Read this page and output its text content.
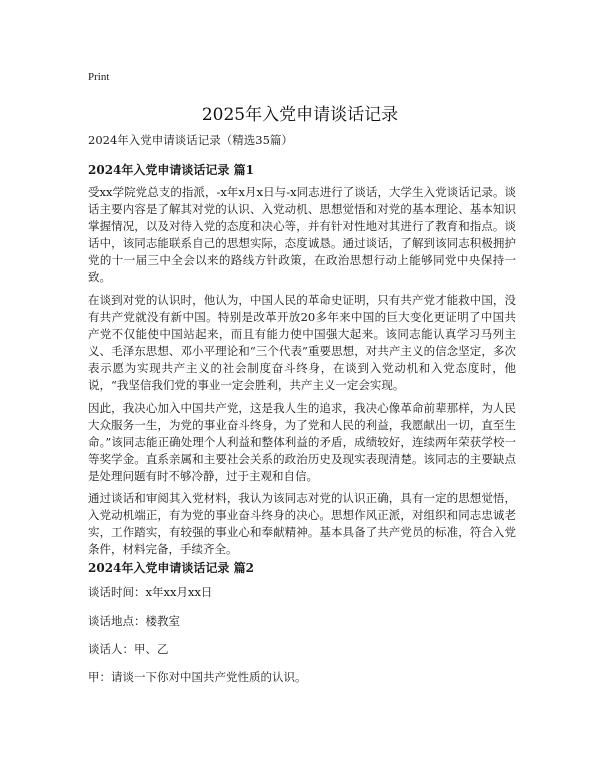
Print
2025年入党申请谈话记录
2024年入党申请谈话记录（精选35篇）
2024年入党申请谈话记录 篇1
受xx学院党总支的指派，-x年x月x日与-x同志进行了谈话，大学生入党谈话记录。谈话主要内容是了解其对党的认识、入党动机、思想觉悟和对党的基本理论、基本知识掌握情况，以及对待入党的态度和决心等，并有针对性地对其进行了教育和指点。谈话中，该同志能联系自己的思想实际，态度诚恳。通过谈话，了解到该同志积极拥护党的十一届三中全会以来的路线方针政策，在政治思想行动上能够同党中央保持一致。
在谈到对党的认识时，他认为，中国人民的革命史证明，只有共产党才能救中国，没有共产党就没有新中国。特别是改革开放20多年来中国的巨大变化更证明了中国共产党不仅能使中国站起来，而且有能力使中国强大起来。该同志能认真学习马列主义、毛泽东思想、邓小平理论和“三个代表”重要思想，对共产主义的信念坚定，多次表示愿为实现共产主义的社会制度奋斗终身，在谈到入党动机和入党态度时，他说，“我坚信我们党的事业一定会胜利，共产主义一定会实现。
因此，我决心加入中国共产党，这是我人生的追求，我决心像革命前辈那样，为人民大众服务一生，为党的事业奋斗终身，为了党和人民的利益，我愿献出一切，直至生命。”该同志能正确处理个人利益和整体利益的矛盾，成绩较好，连续两年荣获学校一等奖学金。直系亲属和主要社会关系的政治历史及现实表现清楚。该同志的主要缺点是处理问题有时不够冷静，过于主观和自信。
通过谈话和审阅其入党材料，我认为该同志对党的认识正确，具有一定的思想觉悟，入党动机端正，有为党的事业奋斗终身的决心。思想作风正派，对组织和同志忠诚老实，工作踏实，有较强的事业心和奉献精神。基本具备了共产党员的标准，符合入党条件，材料完备，手续齐全。
2024年入党申请谈话记录 篇2
谈话时间：x年xx月xx日
谈话地点：楼教室
谈话人：甲、乙
甲：请谈一下你对中国共产党性质的认识。
